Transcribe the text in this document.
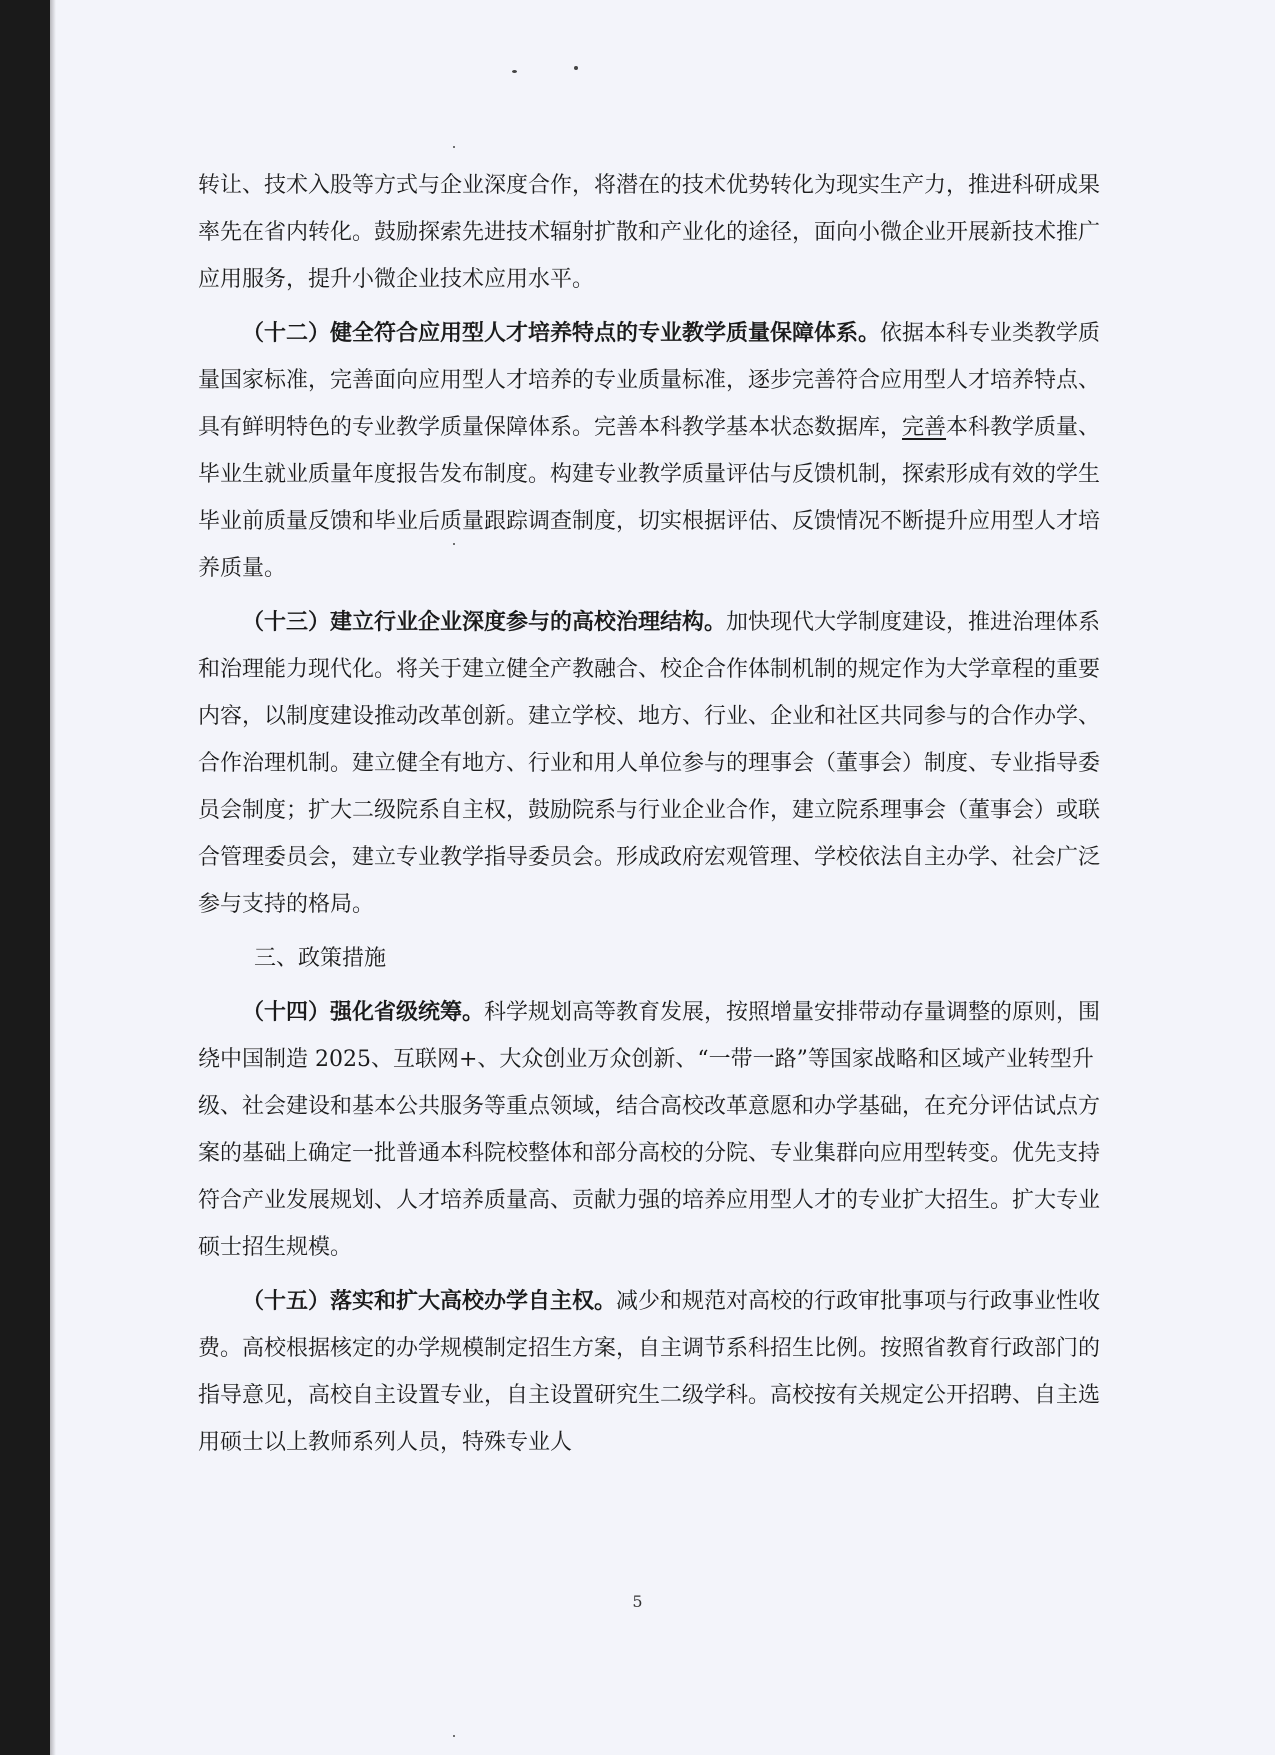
转让、技术入股等方式与企业深度合作，将潜在的技术优势转化为现实生产力，推进科研成果率先在省内转化。鼓励探索先进技术辐射扩散和产业化的途径，面向小微企业开展新技术推广应用服务，提升小微企业技术应用水平。

（十二）健全符合应用型人才培养特点的专业教学质量保障体系。依据本科专业类教学质量国家标准，完善面向应用型人才培养的专业质量标准，逐步完善符合应用型人才培养特点、具有鲜明特色的专业教学质量保障体系。完善本科教学基本状态数据库，完善本科教学质量、毕业生就业质量年度报告发布制度。构建专业教学质量评估与反馈机制，探索形成有效的学生毕业前质量反馈和毕业后质量跟踪调查制度，切实根据评估、反馈情况不断提升应用型人才培养质量。

（十三）建立行业企业深度参与的高校治理结构。加快现代大学制度建设，推进治理体系和治理能力现代化。将关于建立健全产教融合、校企合作体制机制的规定作为大学章程的重要内容，以制度建设推动改革创新。建立学校、地方、行业、企业和社区共同参与的合作办学、合作治理机制。建立健全有地方、行业和用人单位参与的理事会（董事会）制度、专业指导委员会制度；扩大二级院系自主权，鼓励院系与行业企业合作，建立院系理事会（董事会）或联合管理委员会，建立专业教学指导委员会。形成政府宏观管理、学校依法自主办学、社会广泛参与支持的格局。

三、政策措施

（十四）强化省级统筹。科学规划高等教育发展，按照增量安排带动存量调整的原则，围绕中国制造 2025、互联网+、大众创业万众创新、“一带一路”等国家战略和区域产业转型升级、社会建设和基本公共服务等重点领域，结合高校改革意愿和办学基础，在充分评估试点方案的基础上确定一批普通本科院校整体和部分高校的分院、专业集群向应用型转变。优先支持符合产业发展规划、人才培养质量高、贡献力强的培养应用型人才的专业扩大招生。扩大专业硕士招生规模。

（十五）落实和扩大高校办学自主权。减少和规范对高校的行政审批事项与行政事业性收费。高校根据核定的办学规模制定招生方案，自主调节系科招生比例。按照省教育行政部门的指导意见，高校自主设置专业，自主设置研究生二级学科。高校按有关规定公开招聘、自主选用硕士以上教师系列人员，特殊专业人

5
